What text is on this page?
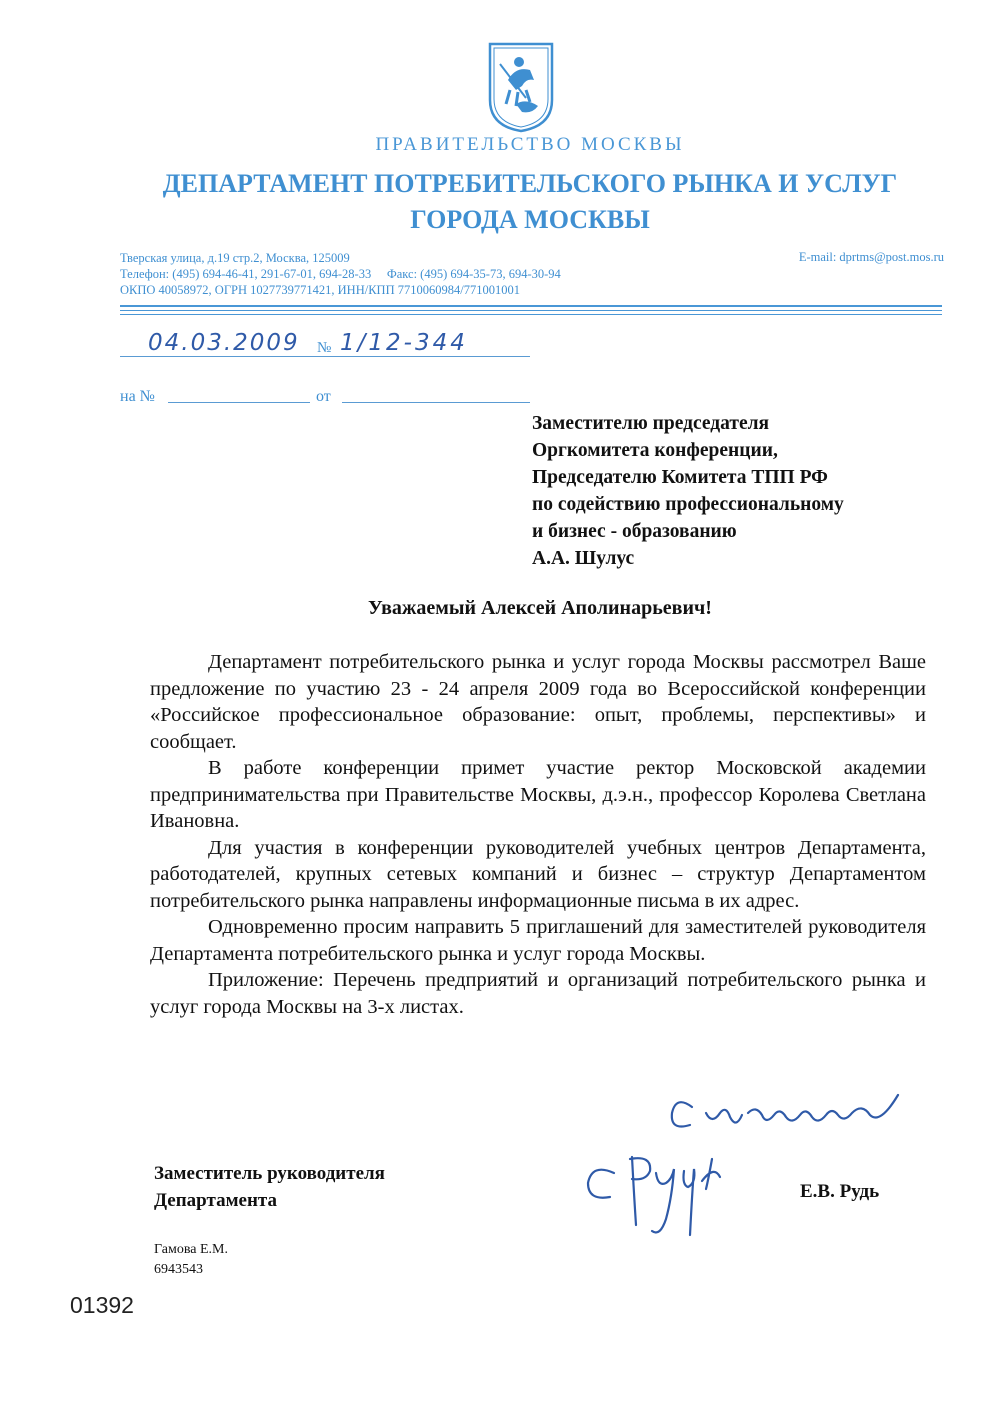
ПРАВИТЕЛЬСТВО МОСКВЫ
ДЕПАРТАМЕНТ ПОТРЕБИТЕЛЬСКОГО РЫНКА И УСЛУГ
ГОРОДА МОСКВЫ
Тверская улица, д.19 стр.2, Москва, 125009
Телефон: (495) 694-46-41, 291-67-01, 694-28-33     Факс: (495) 694-35-73, 694-30-94
ОКПО 40058972, ОГРН 1027739771421, ИНН/КПП 7710060984/771001001
E-mail: dprtms@post.mos.ru
04.03.2009 № 1/12-344
на №	от
Заместителю председателя
Оргкомитета конференции,
Председателю Комитета ТПП РФ
по содействию профессиональному
и бизнес - образованию
А.А. Шулус
Уважаемый Алексей Аполинарьевич!

Департамент потребительского рынка и услуг города Москвы рассмотрел Ваше предложение по участию 23 - 24 апреля 2009 года во Всероссийской конференции «Российское профессиональное образование: опыт, проблемы, перспективы» и сообщает.

В работе конференции примет участие ректор Московской академии предпринимательства при Правительстве Москвы, д.э.н., профессор Королева Светлана Ивановна.

Для участия в конференции руководителей учебных центров Департамента, работодателей, крупных сетевых компаний и бизнес – структур Департаментом потребительского рынка направлены информационные письма в их адрес.

Одновременно просим направить 5 приглашений для заместителей руководителя Департамента потребительского рынка и услуг города Москвы.

Приложение: Перечень предприятий и организаций потребительского рынка и услуг города Москвы на 3-х листах.

Заместитель руководителя
Департамента	Е.В. Рудь
Гамова Е.М.
6943543
01392
